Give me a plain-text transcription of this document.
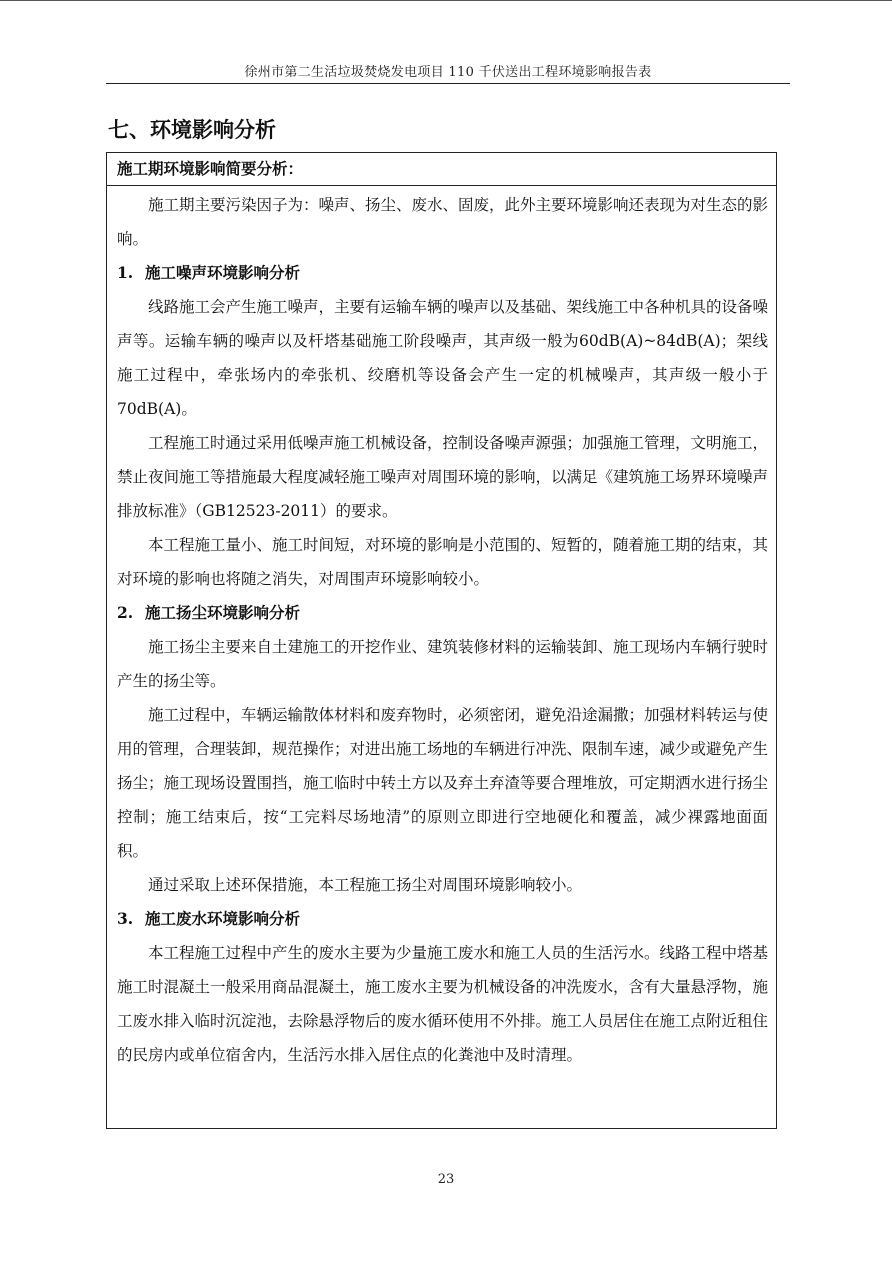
徐州市第二生活垃圾焚烧发电项目 110 千伏送出工程环境影响报告表
七、环境影响分析
施工期环境影响简要分析：

施工期主要污染因子为：噪声、扬尘、废水、固废，此外主要环境影响还表现为对生态的影响。

1. 施工噪声环境影响分析

线路施工会产生施工噪声，主要有运输车辆的噪声以及基础、架线施工中各种机具的设备噪声等。运输车辆的噪声以及杆塔基础施工阶段噪声，其声级一般为60dB(A)~84dB(A)；架线施工过程中，牵张场内的牵张机、绞磨机等设备会产生一定的机械噪声，其声级一般小于 70dB(A)。

工程施工时通过采用低噪声施工机械设备，控制设备噪声源强；加强施工管理，文明施工，禁止夜间施工等措施最大程度减轻施工噪声对周围环境的影响，以满足《建筑施工场界环境噪声排放标准》（GB12523-2011）的要求。

本工程施工量小、施工时间短，对环境的影响是小范围的、短暂的，随着施工期的结束，其对环境的影响也将随之消失，对周围声环境影响较小。

2. 施工扬尘环境影响分析

施工扬尘主要来自土建施工的开挖作业、建筑装修材料的运输装卸、施工现场内车辆行驶时产生的扬尘等。

施工过程中，车辆运输散体材料和废弃物时，必须密闭，避免沿途漏撒；加强材料转运与使用的管理，合理装卸，规范操作；对进出施工场地的车辆进行冲洗、限制车速，减少或避免产生扬尘；施工现场设置围挡，施工临时中转土方以及弃土弃渣等要合理堆放，可定期洒水进行扬尘控制；施工结束后，按“工完料尽场地清”的原则立即进行空地硬化和覆盖，减少裸露地面面积。

通过采取上述环保措施，本工程施工扬尘对周围环境影响较小。

3. 施工废水环境影响分析

本工程施工过程中产生的废水主要为少量施工废水和施工人员的生活污水。线路工程中塔基施工时混凝土一般采用商品混凝土，施工废水主要为机械设备的冲洗废水，含有大量悬浮物，施工废水排入临时沉淀池，去除悬浮物后的废水循环使用不外排。施工人员居住在施工点附近租住的民房内或单位宿舍内，生活污水排入居住点的化粪池中及时清理。

23
